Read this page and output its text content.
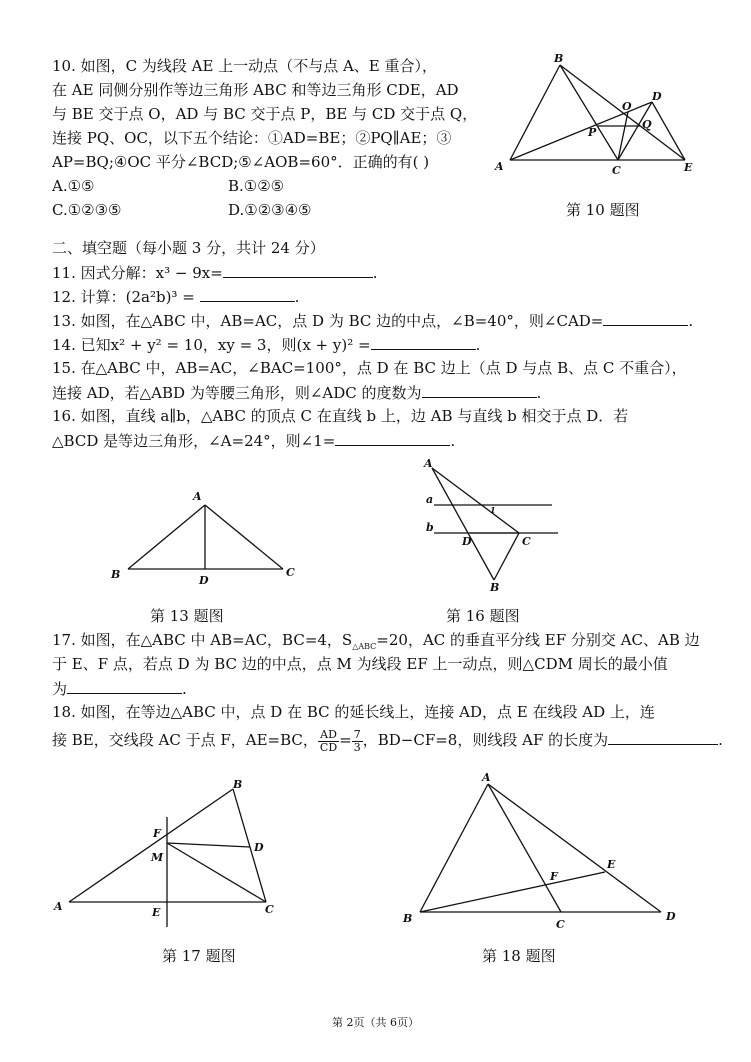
10. 如图，C 为线段 AE 上一动点（不与点 A、E 重合），
在 AE 同侧分别作等边三角形 ABC 和等边三角形 CDE，AD
与 BE 交于点 O，AD 与 BC 交于点 P，BE 与 CD 交于点 Q，
连接 PQ、OC，以下五个结论：①AD=BE；②PQ∥AE；③
AP=BQ;④OC 平分∠BCD;⑤∠AOB=60°．正确的有( )
A.①⑤	B.①②⑤
C.①②③⑤	D.①②③④⑤
A
B
C
D
E
O
P
Q
第 10 题图
二、填空题（每小题 3 分，共计 24 分）
11. 因式分解：x³ − 9x=	.
12. 计算：(2a²b)³ =	.
13. 如图，在△ABC 中，AB=AC，点 D 为 BC 边的中点，∠B=40°，则∠CAD=	.
14. 已知x² + y² = 10，xy = 3，则(x + y)² =	.
15. 在△ABC 中，AB=AC，∠BAC=100°，点 D 在 BC 边上（点 D 与点 B、点 C 不重合），
连接 AD，若△ABD 为等腰三角形，则∠ADC 的度数为	.
16. 如图，直线 a∥b，△ABC 的顶点 C 在直线 b 上，边 AB 与直线 b 相交于点 D．若
△BCD 是等边三角形，∠A=24°，则∠1=	.
A
B	C
D
第 13 题图
A
a
b
D	C
B
1
第 16 题图
17. 如图，在△ABC 中 AB=AC，BC=4，$S_{\triangle ABC}=20$，AC 的垂直平分线 EF 分别交 AC、AB 边
于 E、F 点，若点 D 为 BC 边的中点，点 M 为线段 EF 上一动点，则△CDM 周长的最小值
为	.
18. 如图，在等边△ABC 中，点 D 在 BC 的延长线上，连接 AD，点 E 在线段 AD 上，连
接 BE，交线段 AC 于点 F，AE=BC， $\frac{AD}{CD} = \frac{7}{3}$ ，BD−CF=8，则线段 AF 的长度为	.
A
B
C
D
E
F
M
第 17 题图
A
B	C
D
E
F
第 18 题图
第 2页（共 6页）
